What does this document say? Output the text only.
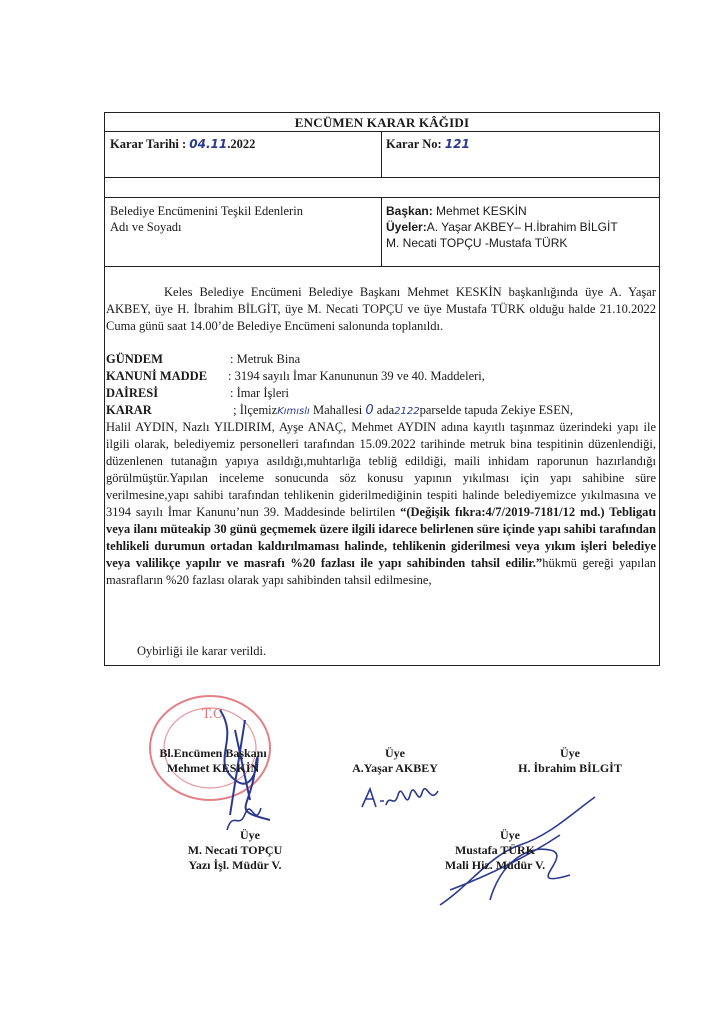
ENCÜMEN KARAR KÂĞIDI
Karar Tarihi : 04.11.2022	Karar No: 121
Belediye Encümenini Teşkil Edenlerin
Adı ve Soyadı
Başkan: Mehmet KESKİN
Üyeler:A. Yaşar AKBEY– H.İbrahim BİLGİT
M. Necati TOPÇU -Mustafa TÜRK
Keles Belediye Encümeni Belediye Başkanı Mehmet KESKİN başkanlığında üye A. Yaşar AKBEY, üye H. İbrahim BİLGİT, üye M. Necati TOPÇU ve üye Mustafa TÜRK olduğu halde 21.10.2022 Cuma günü saat 14.00’de Belediye Encümeni salonunda toplanıldı.
GÜNDEM	: Metruk Bina
KANUNİ MADDE : 3194 sayılı İmar Kanununun 39 ve 40. Maddeleri,
DAİRESİ	: İmar İşleri
KARAR	; İlçemizKımıslı Mahallesi 0 ada2122parselde tapuda Zekiye ESEN,
Halil AYDIN, Nazlı YILDIRIM, Ayşe ANAÇ, Mehmet AYDIN adına kayıtlı taşınmaz üzerindeki yapı ile ilgili olarak, belediyemiz personelleri tarafından 15.09.2022 tarihinde metruk bina tespitinin düzenlendiği, düzenlenen tutanağın yapıya asıldığı,muhtarlığa tebliğ edildiği, maili inhidam raporunun hazırlandığı görülmüştür.Yapılan inceleme sonucunda söz konusu yapının yıkılması için yapı sahibine süre verilmesine,yapı sahibi tarafından tehlikenin giderilmediğinin tespiti halinde belediyemizce yıkılmasına ve 3194 sayılı İmar Kanunu’nun 39. Maddesinde belirtilen “(Değişik fıkra:4/7/2019-7181/12 md.) Tebligatı veya ilanı müteakip 30 günü geçmemek üzere ilgili idarece belirlenen süre içinde yapı sahibi tarafından tehlikeli durumun ortadan kaldırılmaması halinde, tehlikenin giderilmesi veya yıkım işleri belediye veya valilikçe yapılır ve masrafı %20 fazlası ile yapı sahibinden tahsil edilir.”hükmü gereği yapılan masrafların %20 fazlası olarak yapı sahibinden tahsil edilmesine,
Oybirliği ile karar verildi.
T.C.
Bl.Encümen Başkanı
Mehmet KESKİN
Üye
A.Yaşar AKBEY
Üye
H. İbrahim BİLGİT
Üye
M. Necati TOPÇU
Yazı İşl. Müdür V.
Üye
Mustafa TÜRK
Mali Hiz. Müdür V.
